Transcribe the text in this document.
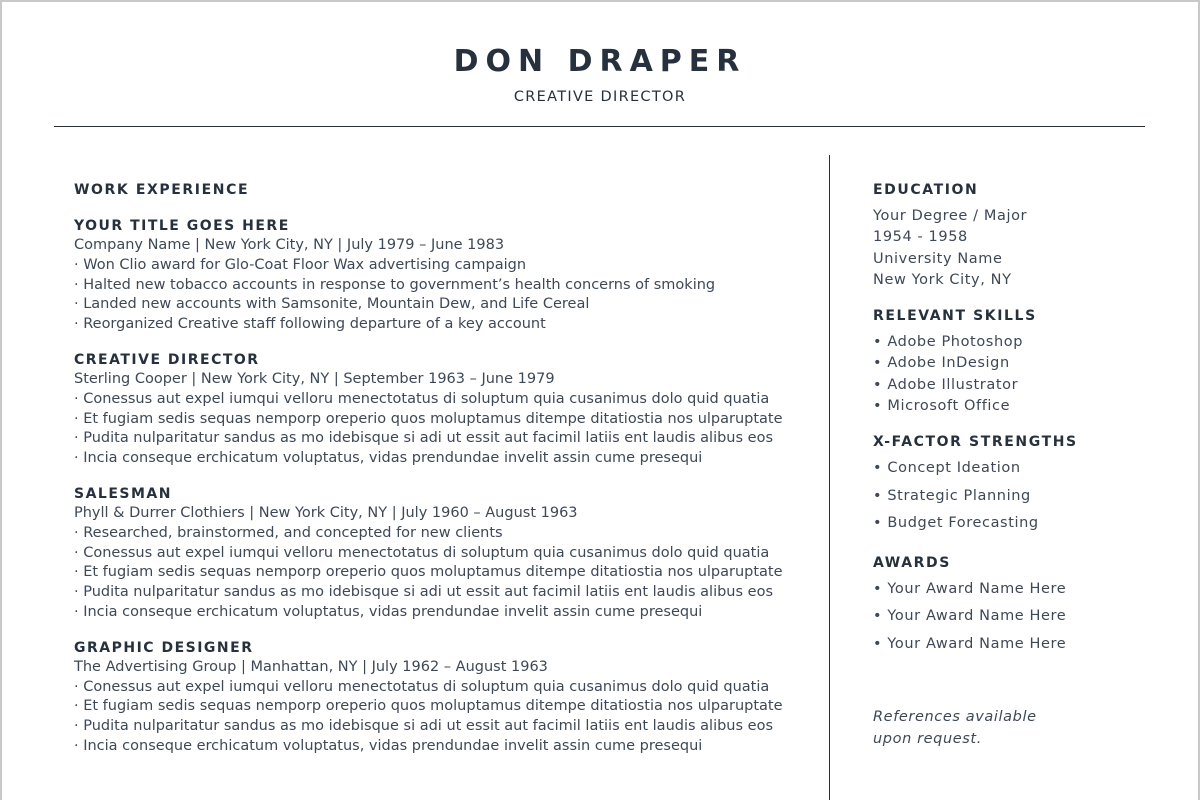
DON DRAPER
CREATIVE DIRECTOR
WORK EXPERIENCE
YOUR TITLE GOES HERE
Company Name | New York City, NY | July 1979 – June 1983
· Won Clio award for Glo-Coat Floor Wax advertising campaign
· Halted new tobacco accounts in response to government’s health concerns of smoking
· Landed new accounts with Samsonite, Mountain Dew, and Life Cereal
· Reorganized Creative staff following departure of a key account
CREATIVE DIRECTOR
Sterling Cooper | New York City, NY | September 1963 – June 1979
· Conessus aut expel iumqui velloru menectotatus di soluptum quia cusanimus dolo quid quatia
· Et fugiam sedis sequas nemporp oreperio quos moluptamus ditempe ditatiostia nos ulparuptate
· Pudita nulparitatur sandus as mo idebisque si adi ut essit aut facimil latiis ent laudis alibus eos
· Incia conseque erchicatum voluptatus, vidas prendundae invelit assin cume presequi
SALESMAN
Phyll & Durrer Clothiers | New York City, NY | July 1960 – August 1963
· Researched, brainstormed, and concepted for new clients
· Conessus aut expel iumqui velloru menectotatus di soluptum quia cusanimus dolo quid quatia
· Et fugiam sedis sequas nemporp oreperio quos moluptamus ditempe ditatiostia nos ulparuptate
· Pudita nulparitatur sandus as mo idebisque si adi ut essit aut facimil latiis ent laudis alibus eos
· Incia conseque erchicatum voluptatus, vidas prendundae invelit assin cume presequi
GRAPHIC DESIGNER
The Advertising Group | Manhattan, NY | July 1962 – August 1963
· Conessus aut expel iumqui velloru menectotatus di soluptum quia cusanimus dolo quid quatia
· Et fugiam sedis sequas nemporp oreperio quos moluptamus ditempe ditatiostia nos ulparuptate
· Pudita nulparitatur sandus as mo idebisque si adi ut essit aut facimil latiis ent laudis alibus eos
· Incia conseque erchicatum voluptatus, vidas prendundae invelit assin cume presequi
EDUCATION
Your Degree / Major
1954 - 1958
University Name
New York City, NY
RELEVANT SKILLS
• Adobe Photoshop
• Adobe InDesign
• Adobe Illustrator
• Microsoft Office
X-FACTOR STRENGTHS
• Concept Ideation
• Strategic Planning
• Budget Forecasting
AWARDS
• Your Award Name Here
• Your Award Name Here
• Your Award Name Here
References available
upon request.
